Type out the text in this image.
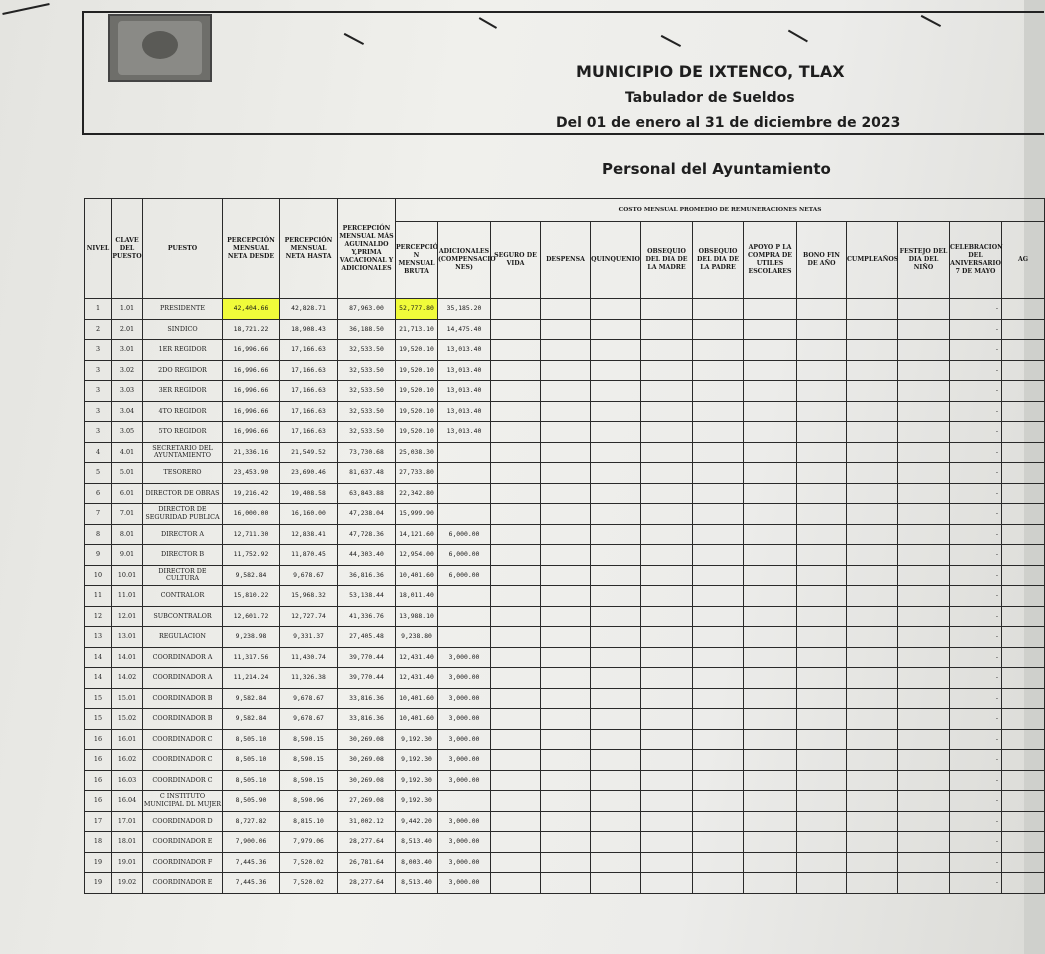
MUNICIPIO DE IXTENCO, TLAX
Tabulador de Sueldos
Del 01 de enero al 31 de diciembre de 2023
Personal del Ayuntamiento
NIVEL	CLAVE DEL PUESTO	PUESTO	PERCEPCIÓN MENSUAL NETA DESDE	PERCEPCIÓN MENSUAL NETA HASTA	PERCEPCIÓN MENSUAL MÁS AGUINALDO Y,PRIMA VACACIONAL Y ADICIONALES	COSTO MENSUAL PROMEDIO DE REMUNERACIONES NETAS												
						PERCEPCIÓ N MENSUAL BRUTA	ADICIONALES (COMPENSACIO NES)	SEGURO DE VIDA	DESPENSA	QUINQUENIO	OBSEQUIO DEL DIA DE LA MADRE	OBSEQUIO DEL DIA DE LA PADRE	APOYO P LA COMPRA DE UTILES ESCOLARES	BONO FIN DE AÑO	CUMPLEAÑOS	FESTEJO DEL DIA DEL NIÑO	CELEBRACION DEL ANIVERSARIO 7 DE MAYO	AG
1	1.01	PRESIDENTE	42,404.66	42,828.71	87,963.00	52,777.80	35,185.20										-	
2	2.01	SINDICO	18,721.22	18,908.43	36,188.50	21,713.10	14,475.40										-	
3	3.01	1ER REGIDOR	16,996.66	17,166.63	32,533.50	19,520.10	13,013.40										-	
3	3.02	2DO REGIDOR	16,996.66	17,166.63	32,533.50	19,520.10	13,013.40										-	
3	3.03	3ER REGIDOR	16,996.66	17,166.63	32,533.50	19,520.10	13,013.40										-	
3	3.04	4TO REGIDOR	16,996.66	17,166.63	32,533.50	19,520.10	13,013.40										-	
3	3.05	5TO REGIDOR	16,996.66	17,166.63	32,533.50	19,520.10	13,013.40										-	
4	4.01	SECRETARIO DEL AYUNTAMIENTO	21,336.16	21,549.52	73,730.68	25,038.30											-	
5	5.01	TESORERO	23,453.90	23,690.46	81,637.48	27,733.80											-	
6	6.01	DIRECTOR DE OBRAS	19,216.42	19,408.58	63,843.88	22,342.80											-	
7	7.01	DIRECTOR DE SEGURIDAD PUBLICA	16,000.00	16,160.00	47,238.04	15,999.90											-	
8	8.01	DIRECTOR A	12,711.30	12,838.41	47,728.36	14,121.60	6,000.00										-	
9	9.01	DIRECTOR B	11,752.92	11,870.45	44,303.40	12,954.00	6,000.00										-	
10	10.01	DIRECTOR DE CULTURA	9,582.84	9,678.67	36,816.36	10,401.60	6,000.00										-	
11	11.01	CONTRALOR	15,810.22	15,968.32	53,138.44	18,011.40											-	
12	12.01	SUBCONTRALOR	12,601.72	12,727.74	41,336.76	13,988.10											-	
13	13.01	REGULACION	9,238.98	9,331.37	27,405.48	9,238.80											-	
14	14.01	COORDINADOR A	11,317.56	11,430.74	39,770.44	12,431.40	3,000.00										-	
14	14.02	COORDINADOR A	11,214.24	11,326.38	39,770.44	12,431.40	3,000.00										-	
15	15.01	COORDINADOR B	9,582.84	9,678.67	33,816.36	10,401.60	3,000.00										-	
15	15.02	COORDINADOR B	9,582.84	9,678.67	33,816.36	10,401.60	3,000.00										-	
16	16.01	COORDINADOR C	8,505.10	8,590.15	30,269.08	9,192.30	3,000.00										-	
16	16.02	COORDINADOR C	8,505.10	8,590.15	30,269.08	9,192.30	3,000.00										-	
16	16.03	COORDINADOR C	8,505.10	8,590.15	30,269.08	9,192.30	3,000.00										-	
16	16.04	C INSTITUTO MUNICIPAL DL MUJER	8,505.90	8,590.96	27,269.08	9,192.30											-	
17	17.01	COORDINADOR D	8,727.82	8,815.10	31,002.12	9,442.20	3,000.00										-	
18	18.01	COORDINADOR E	7,900.06	7,979.06	28,277.64	8,513.40	3,000.00										-	
19	19.01	COORDINADOR F	7,445.36	7,520.02	26,781.64	8,003.40	3,000.00										-	
19	19.02	COORDINADOR E	7,445.36	7,520.02	28,277.64	8,513.40	3,000.00										-	
